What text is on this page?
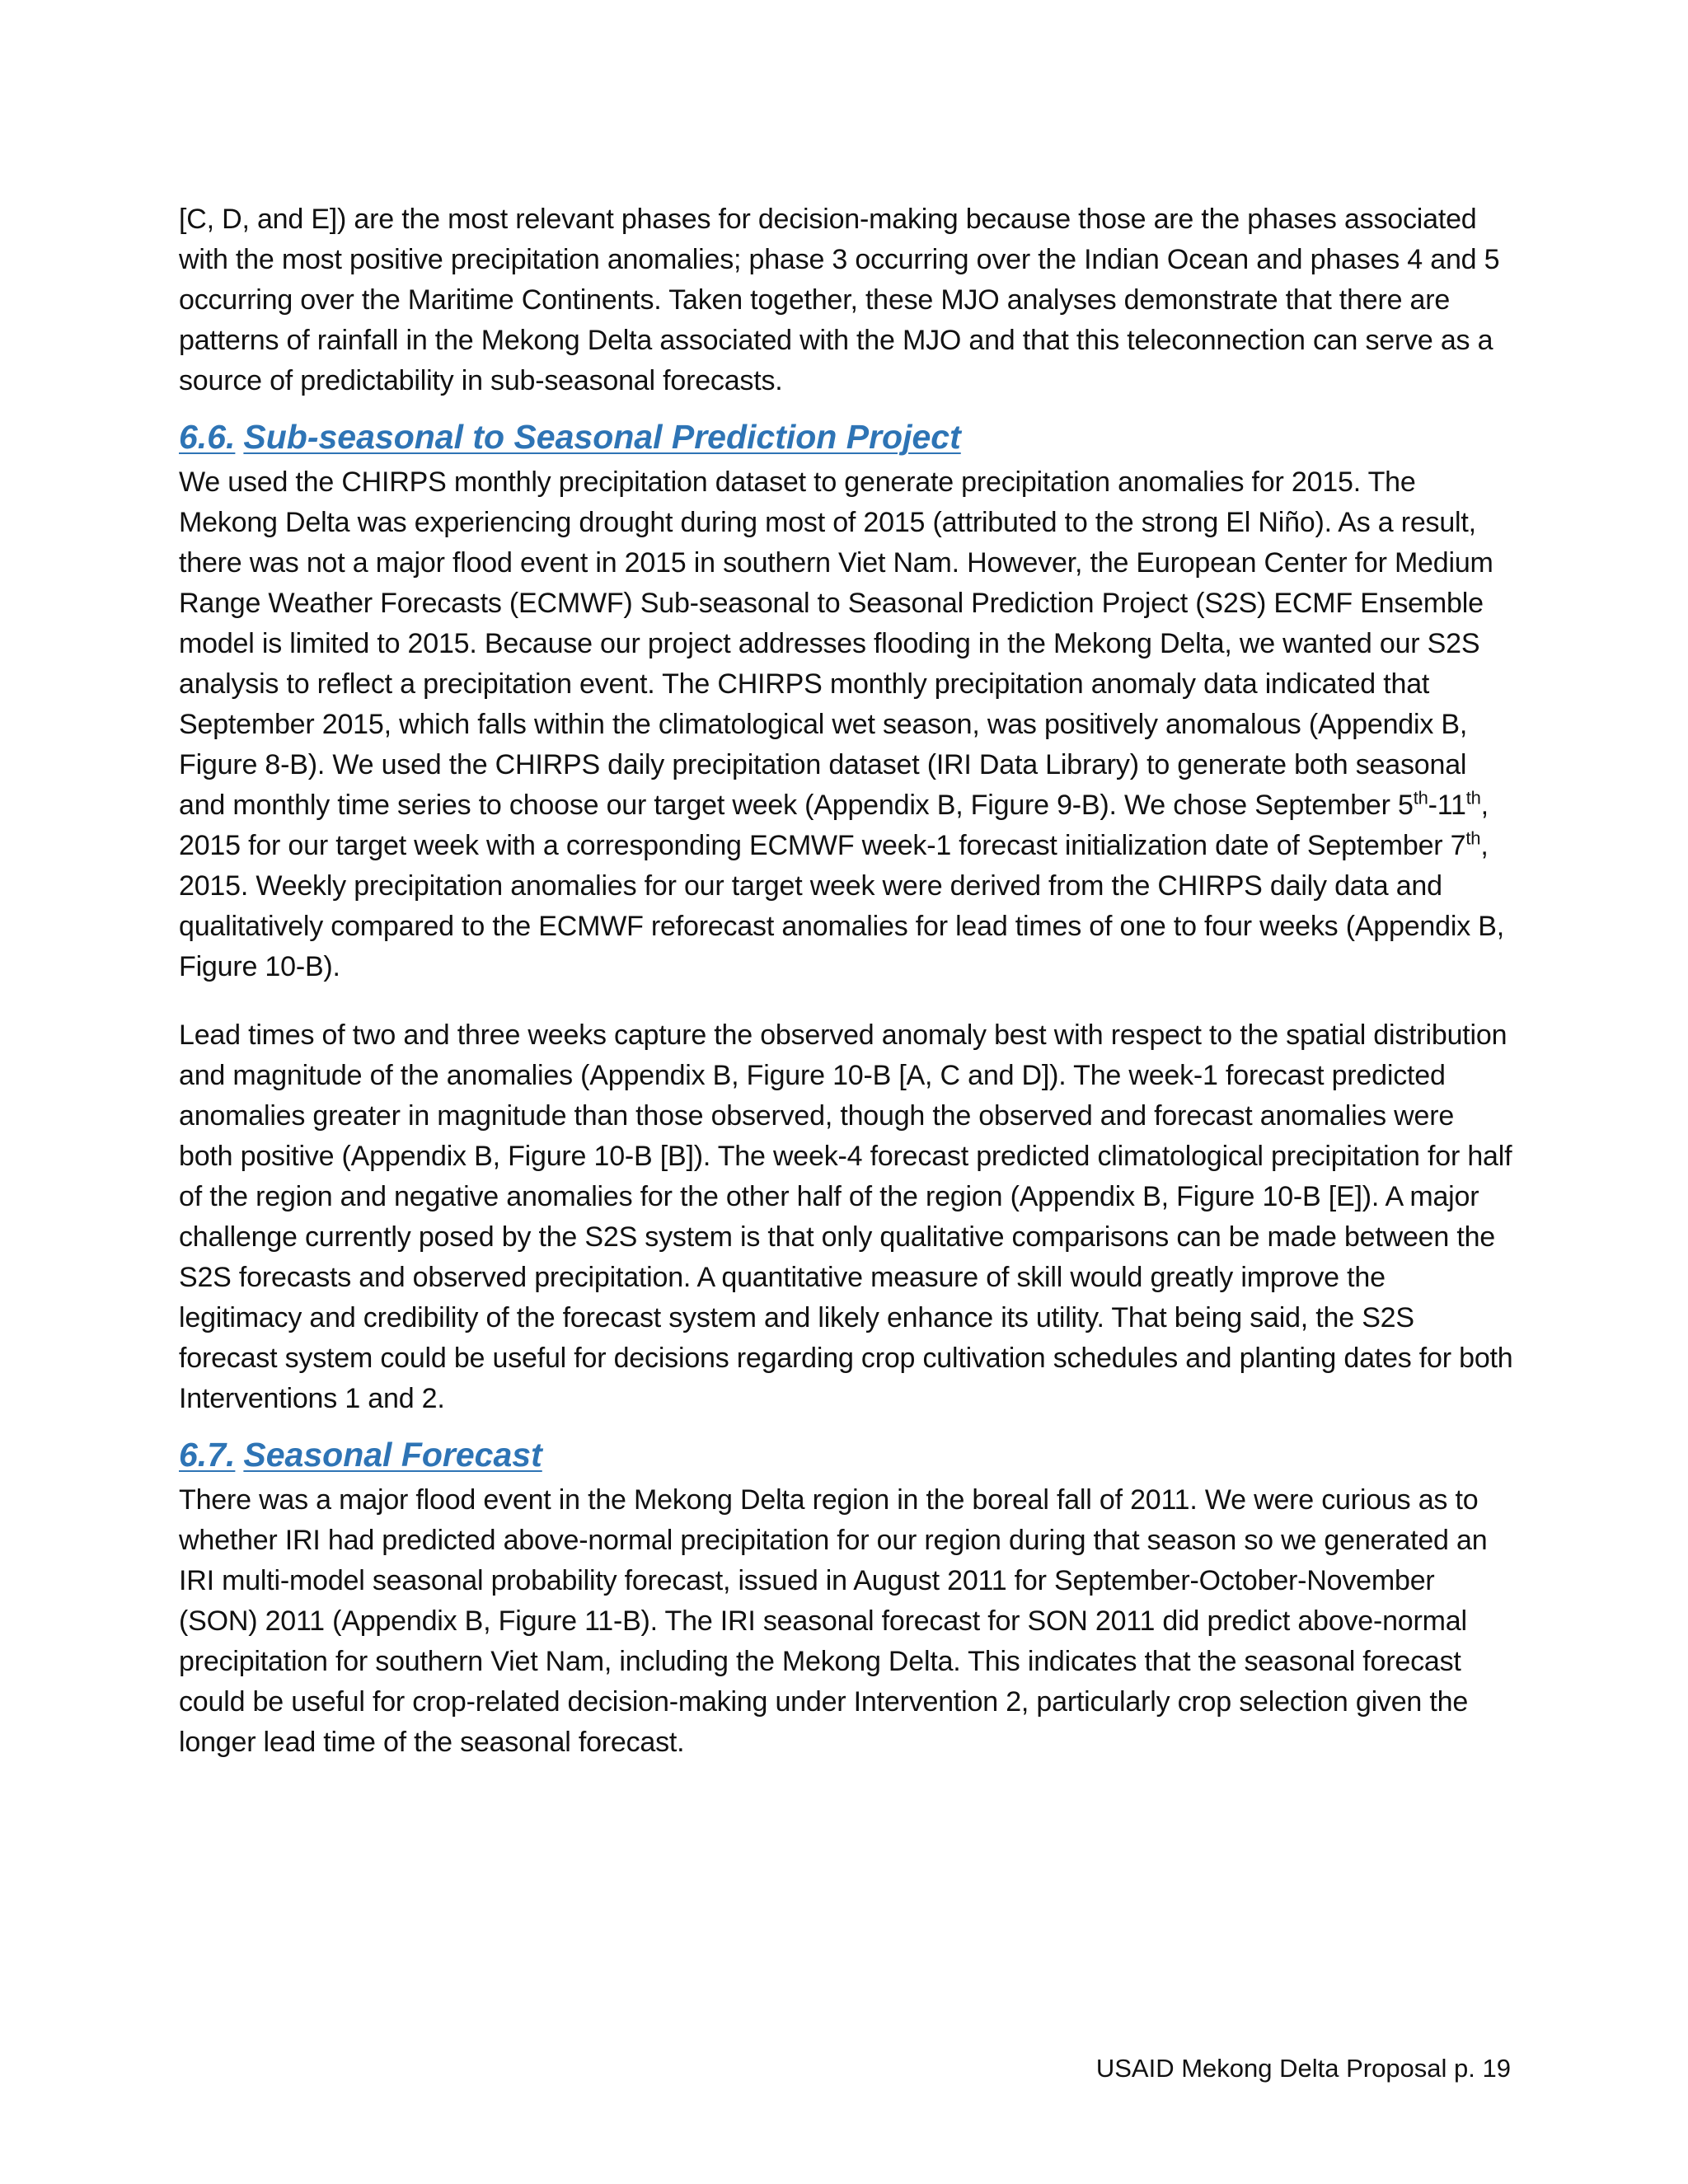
[C, D, and E]) are the most relevant phases for decision-making because those are the phases associated with the most positive precipitation anomalies; phase 3 occurring over the Indian Ocean and phases 4 and 5 occurring over the Maritime Continents. Taken together, these MJO analyses demonstrate that there are patterns of rainfall in the Mekong Delta associated with the MJO and that this teleconnection can serve as a source of predictability in sub-seasonal forecasts.

6.6. Sub-seasonal to Seasonal Prediction Project

We used the CHIRPS monthly precipitation dataset to generate precipitation anomalies for 2015. The Mekong Delta was experiencing drought during most of 2015 (attributed to the strong El Niño). As a result, there was not a major flood event in 2015 in southern Viet Nam. However, the European Center for Medium Range Weather Forecasts (ECMWF) Sub-seasonal to Seasonal Prediction Project (S2S) ECMF Ensemble model is limited to 2015. Because our project addresses flooding in the Mekong Delta, we wanted our S2S analysis to reflect a precipitation event. The CHIRPS monthly precipitation anomaly data indicated that September 2015, which falls within the climatological wet season, was positively anomalous (Appendix B, Figure 8-B). We used the CHIRPS daily precipitation dataset (IRI Data Library) to generate both seasonal and monthly time series to choose our target week (Appendix B, Figure 9-B). We chose September 5th-11th, 2015 for our target week with a corresponding ECMWF week-1 forecast initialization date of September 7th, 2015. Weekly precipitation anomalies for our target week were derived from the CHIRPS daily data and qualitatively compared to the ECMWF reforecast anomalies for lead times of one to four weeks (Appendix B, Figure 10-B).

Lead times of two and three weeks capture the observed anomaly best with respect to the spatial distribution and magnitude of the anomalies (Appendix B, Figure 10-B [A, C and D]). The week-1 forecast predicted anomalies greater in magnitude than those observed, though the observed and forecast anomalies were both positive (Appendix B, Figure 10-B [B]). The week-4 forecast predicted climatological precipitation for half of the region and negative anomalies for the other half of the region (Appendix B, Figure 10-B [E]). A major challenge currently posed by the S2S system is that only qualitative comparisons can be made between the S2S forecasts and observed precipitation. A quantitative measure of skill would greatly improve the legitimacy and credibility of the forecast system and likely enhance its utility. That being said, the S2S forecast system could be useful for decisions regarding crop cultivation schedules and planting dates for both Interventions 1 and 2.

6.7. Seasonal Forecast

There was a major flood event in the Mekong Delta region in the boreal fall of 2011. We were curious as to whether IRI had predicted above-normal precipitation for our region during that season so we generated an IRI multi-model seasonal probability forecast, issued in August 2011 for September-October-November (SON) 2011 (Appendix B, Figure 11-B). The IRI seasonal forecast for SON 2011 did predict above-normal precipitation for southern Viet Nam, including the Mekong Delta. This indicates that the seasonal forecast could be useful for crop-related decision-making under Intervention 2, particularly crop selection given the longer lead time of the seasonal forecast.

USAID Mekong Delta Proposal p. 19
